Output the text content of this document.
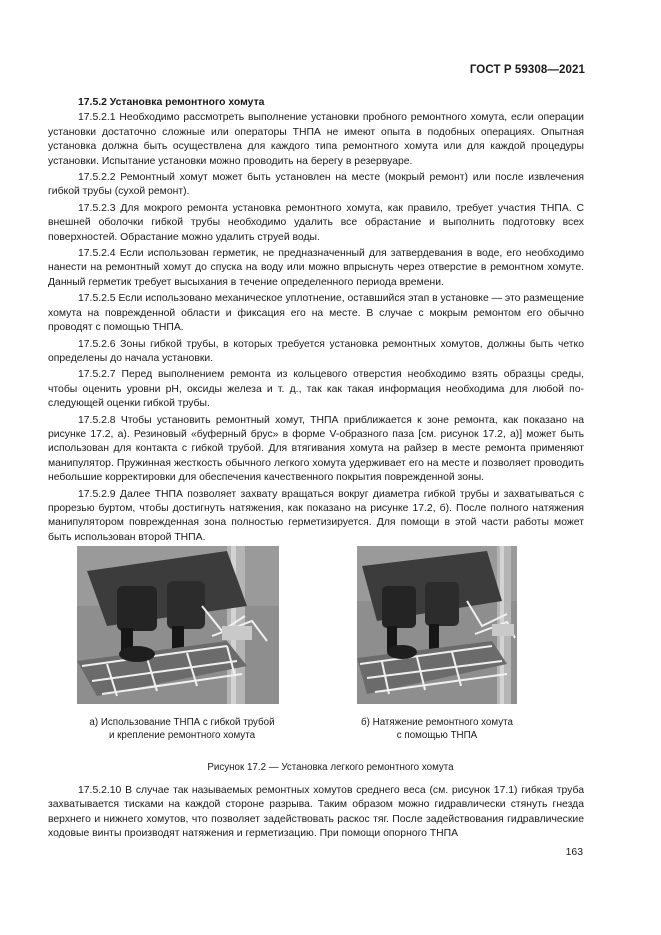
ГОСТ Р 59308—2021
17.5.2 Установка ремонтного хомута

17.5.2.1 Необходимо рассмотреть выполнение установки пробного ремонтного хомута, если операции установки достаточно сложные или операторы ТНПА не имеют опыта в подобных операциях. Опытная установка должна быть осуществлена для каждого типа ремонтного хомута или для каждой процедуры установки. Испытание установки можно проводить на берегу в резервуаре.

17.5.2.2 Ремонтный хомут может быть установлен на месте (мокрый ремонт) или после извлечения гибкой трубы (сухой ремонт).

17.5.2.3 Для мокрого ремонта установка ремонтного хомута, как правило, требует участия ТНПА. С внешней оболочки гибкой трубы необходимо удалить все обрастание и выполнить подготовку всех поверхностей. Обрастание можно удалить струей воды.

17.5.2.4 Если использован герметик, не предназначенный для затвердевания в воде, его необходимо нанести на ремонтный хомут до спуска на воду или можно впрыснуть через отверстие в ремонтном хомуте. Данный герметик требует высыхания в течение определенного периода времени.

17.5.2.5 Если использовано механическое уплотнение, оставшийся этап в установке — это размещение хомута на поврежденной области и фиксация его на месте. В случае с мокрым ремонтом его обычно проводят с помощью ТНПА.

17.5.2.6 Зоны гибкой трубы, в которых требуется установка ремонтных хомутов, должны быть четко определены до начала установки.

17.5.2.7 Перед выполнением ремонта из кольцевого отверстия необходимо взять образцы среды, чтобы оценить уровни pH, оксиды железа и т. д., так как такая информация необходима для любой последующей оценки гибкой трубы.

17.5.2.8 Чтобы установить ремонтный хомут, ТНПА приближается к зоне ремонта, как показано на рисунке 17.2, а). Резиновый «буферный брус» в форме V-образного паза [см. рисунок 17.2, а)] может быть использован для контакта с гибкой трубой. Для втягивания хомута на райзер в месте ремонта применяют манипулятор. Пружинная жесткость обычного легкого хомута удерживает его на месте и позволяет проводить небольшие корректировки для обеспечения качественного покрытия поврежденной зоны.

17.5.2.9 Далее ТНПА позволяет захвату вращаться вокруг диаметра гибкой трубы и захватываться с прорезью буртом, чтобы достигнуть натяжения, как показано на рисунке 17.2, б). После полного натяжения манипулятором поврежденная зона полностью герметизируется. Для помощи в этой части работы может быть использован второй ТНПА.

а) Использование ТНПА с гибкой трубой
и крепление ремонтного хомута
б) Натяжение ремонтного хомута
с помощью ТНПА
Рисунок 17.2 — Установка легкого ремонтного хомута

17.5.2.10 В случае так называемых ремонтных хомутов среднего веса (см. рисунок 17.1) гибкая труба захватывается тисками на каждой стороне разрыва. Таким образом можно гидравлически стянуть гнезда верхнего и нижнего хомутов, что позволяет задействовать раскос тяг. После задействования гидравлические ходовые винты производят натяжения и герметизацию. При помощи опорного ТНПА

163
